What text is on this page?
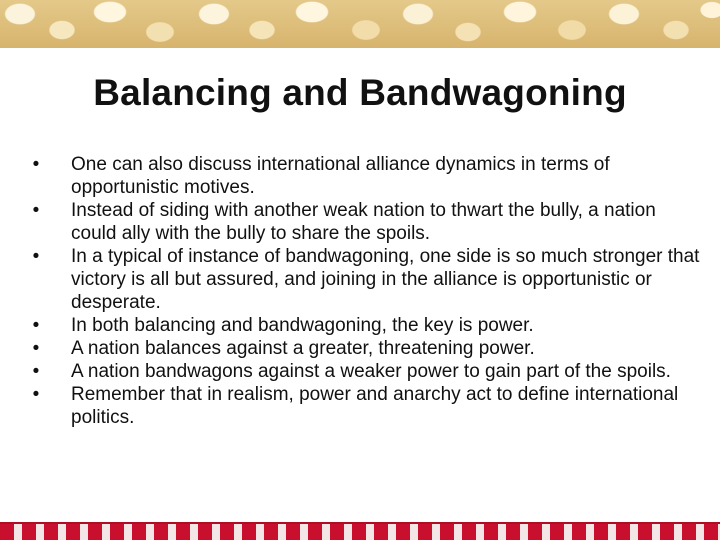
Balancing and Bandwagoning
•	One can also discuss international alliance dynamics in terms of opportunistic motives.
•	Instead of siding with another weak nation to thwart the bully, a nation could ally with the bully to share the spoils.
•	In a typical of instance of bandwagoning, one side is so much stronger that victory is all but assured, and joining in the alliance is opportunistic or desperate.
•	In both balancing and bandwagoning, the key is power.
•	A nation balances against a greater, threatening power.
•	A nation bandwagons against a weaker power to gain part of the spoils.
•	Remember that in realism, power and anarchy act to define international politics.
